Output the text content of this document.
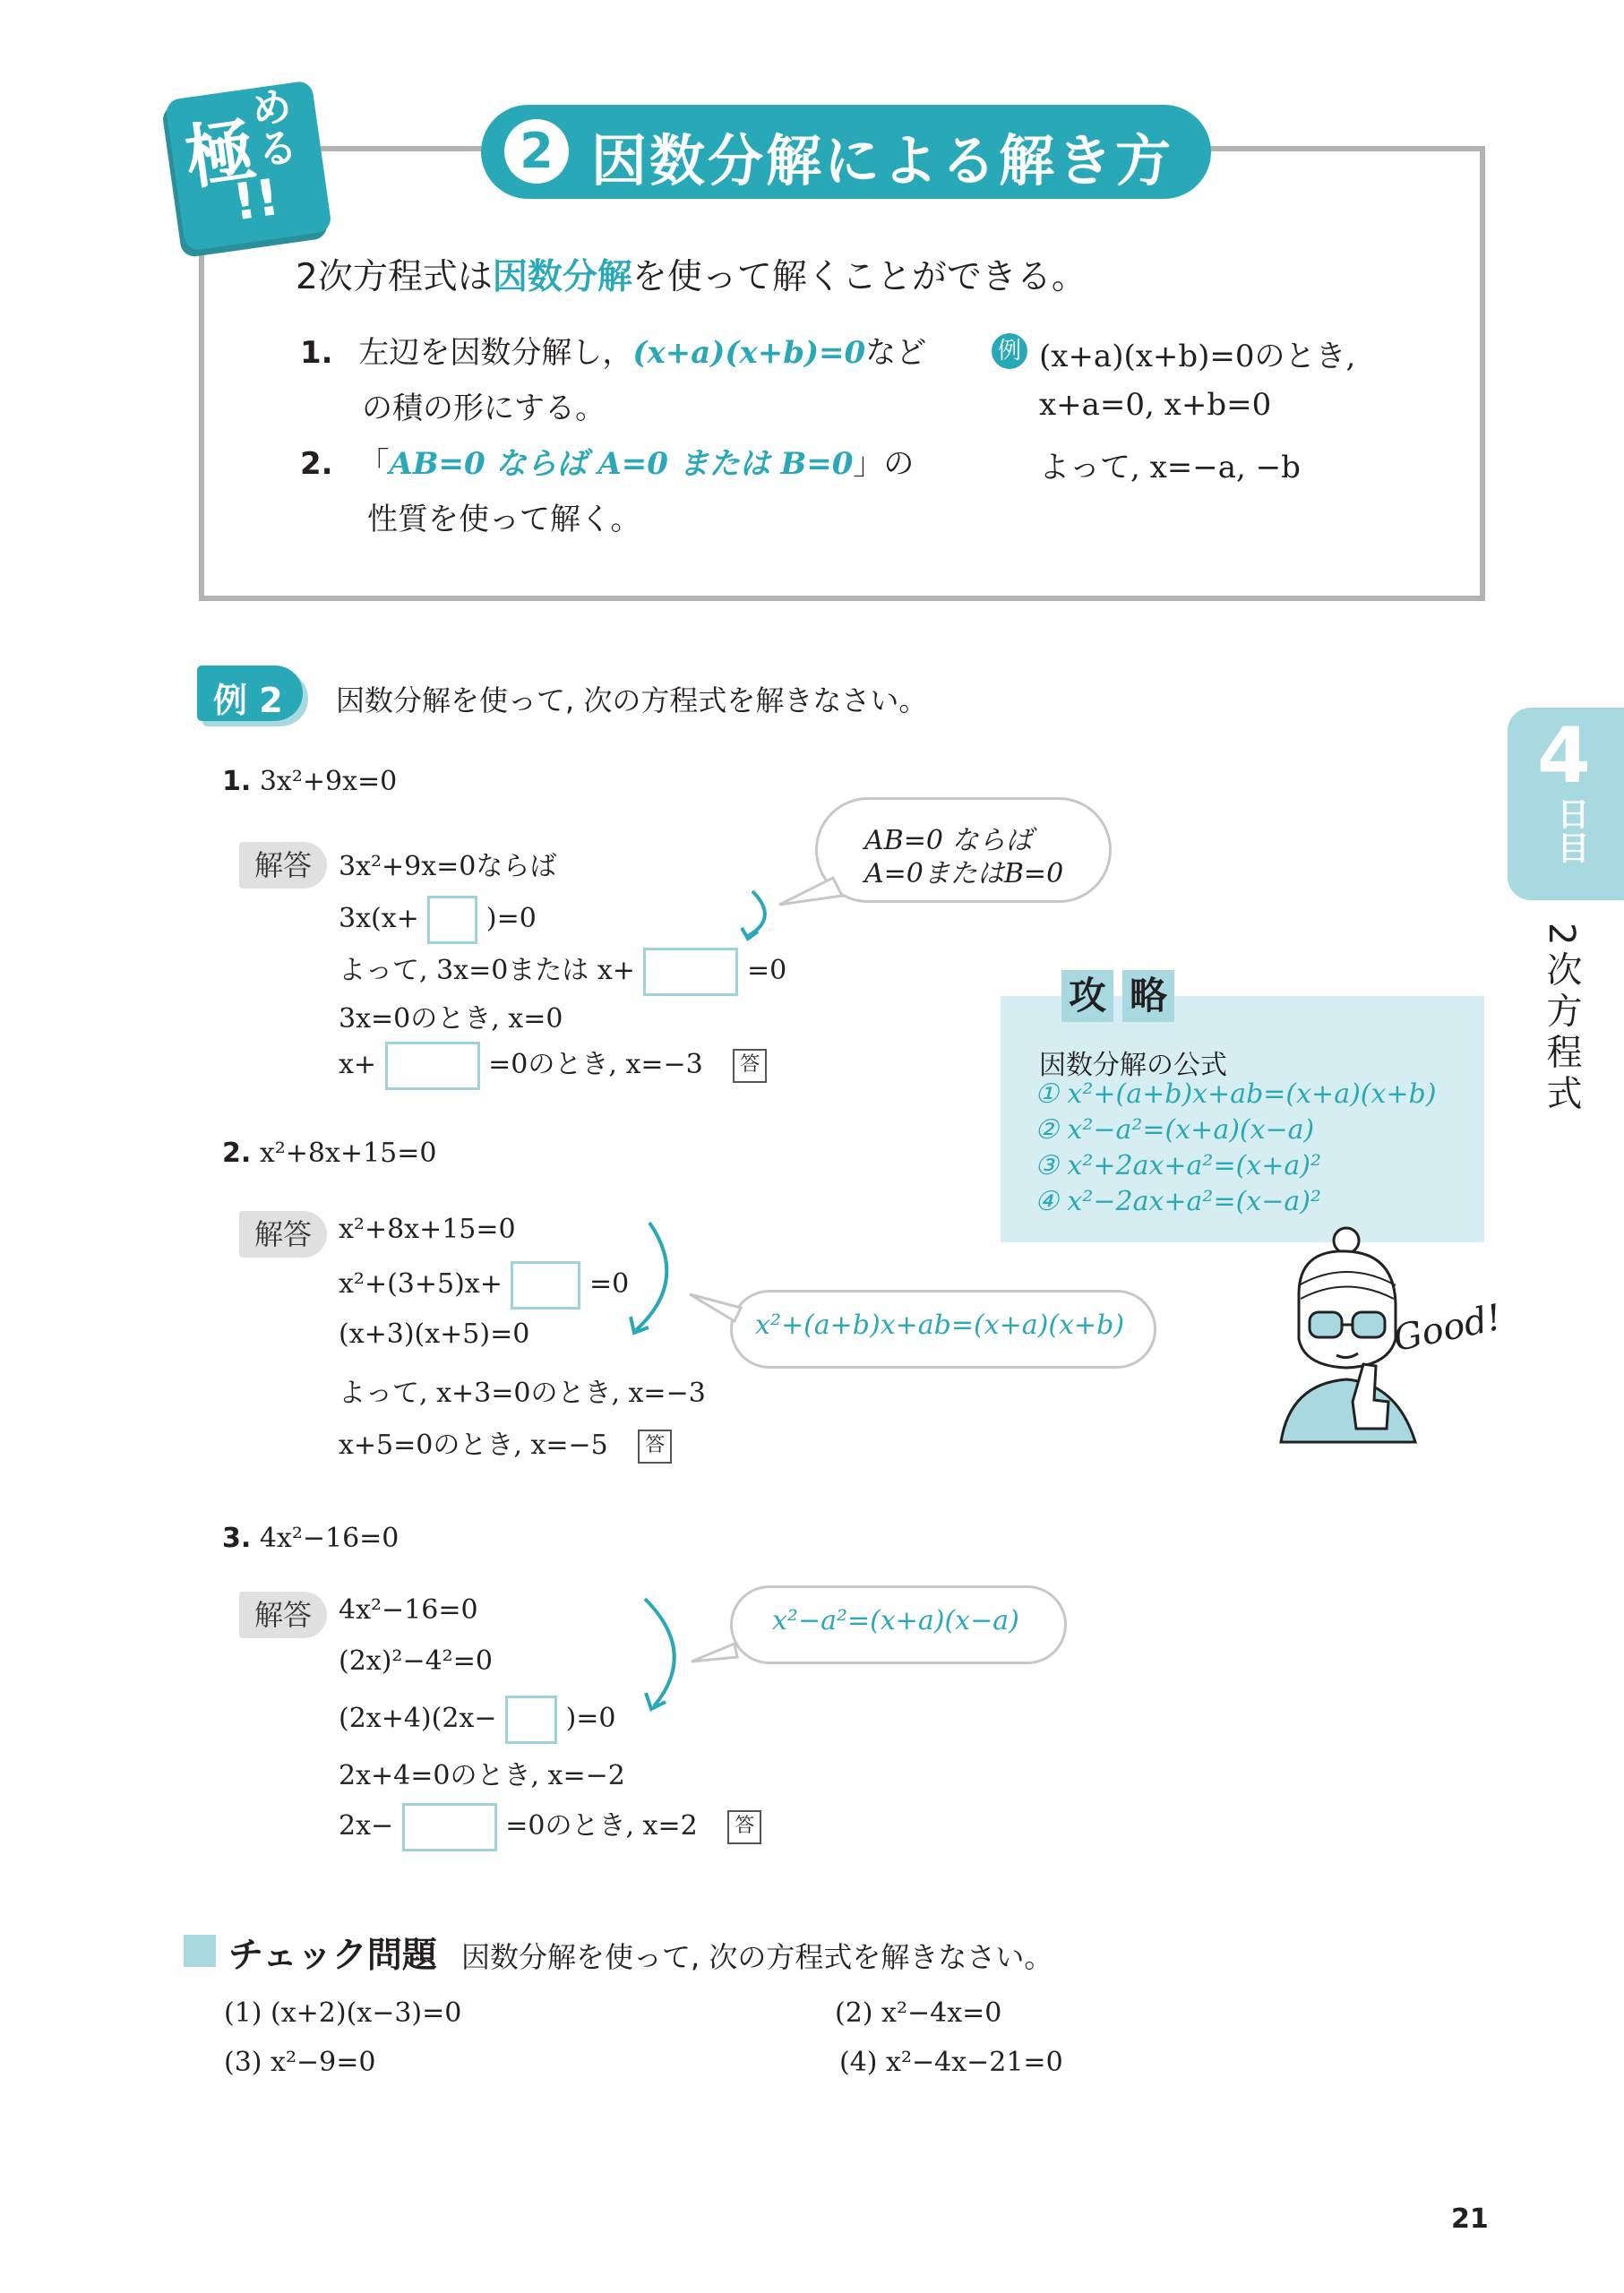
極
める
!!
2 因数分解による解き方
2次方程式は因数分解を使って解くことができる。
1. 左辺を因数分解し，(x+a)(x+b)=0など
の積の形にする。
2. 「AB=0 ならば A=0 または B=0」の
性質を使って解く。
例 (x+a)(x+b)=0のとき,
x+a=0, x+b=0
よって, x=−a, −b
4
日目
2次方程式
例 2 因数分解を使って, 次の方程式を解きなさい。
1. 3x²+9x=0
解答	3x²+9x=0ならば
3x(x+	)=0
よって, 3x=0または x+	=0
3x=0のとき, x=0
x+	=0のとき, x=−3 答
AB=0 ならば
A=0またはB=0
2. x²+8x+15=0
解答	x²+8x+15=0
x²+(3+5)x+	=0
(x+3)(x+5)=0
よって, x+3=0のとき, x=−3
x+5=0のとき, x=−5 答
x²+(a+b)x+ab=(x+a)(x+b)
3. 4x²−16=0
解答	4x²−16=0
(2x)²−4²=0
(2x+4)(2x−	)=0
2x+4=0のとき, x=−2
2x−	=0のとき, x=2 答
x²−a²=(x+a)(x−a)
攻 略
因数分解の公式
① x²+(a+b)x+ab=(x+a)(x+b)
② x²−a²=(x+a)(x−a)
③ x²+2ax+a²=(x+a)²
④ x²−2ax+a²=(x−a)²
Good!
チェック問題 因数分解を使って, 次の方程式を解きなさい。
(1) (x+2)(x−3)=0	(2) x²−4x=0
(3) x²−9=0	(4) x²−4x−21=0
21
